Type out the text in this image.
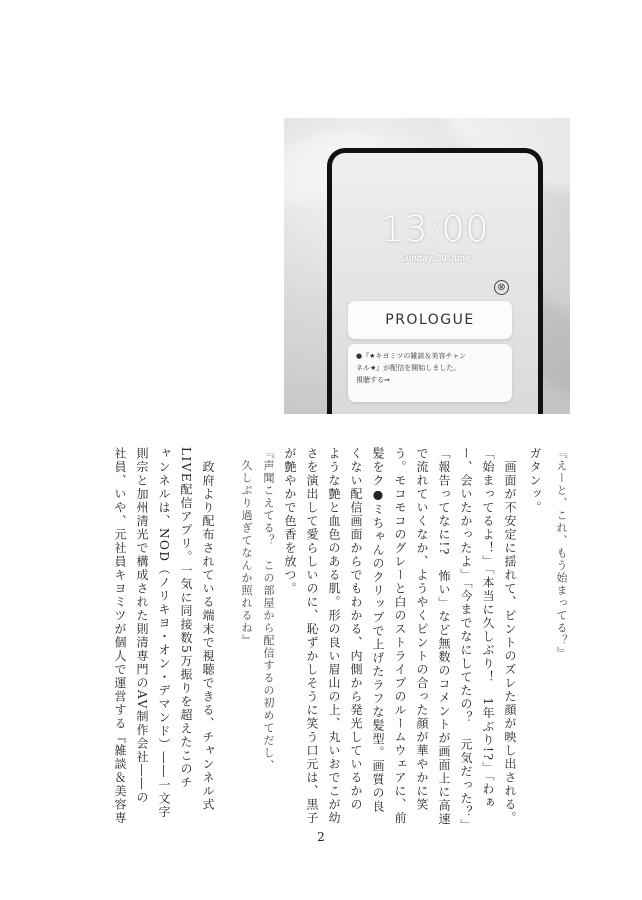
13:00
Sunday, 30 June
⊗
PROLOGUE
●『★キヨミツの雑談＆美容チャン
ネル★』が配信を開始しました。
視聴する⇒
『えーと、これ、もう始まってる？』
ガタンッ。
　画面が不安定に揺れて、ピントのズレた顔が映し出される。
「始まってるよ！」「本当に久しぶり！　1年ぶり!?」「わぁ
ー、会いたかったよ」「今までなにしてたの？　元気だった？」
「報告ってなに!?　怖い」など無数のコメントが画面上に高速
で流れていくなか、ようやくピントの合った顔が華やかに笑
う。モコモコのグレーと白のストライプのルームウェアに、前
髪をク●ミちゃんのクリップで上げたラフな髪型。画質の良
くない配信画面からでもわかる、内側から発光しているかの
ような艶と血色のある肌。形の良い眉山の上、丸いおでこが幼
さを演出して愛らしいのに、恥ずかしそうに笑う口元は、黒子
が艶やかで色香を放つ。
『声聞こえてる？　この部屋から配信するの初めてだし、
　久しぶり過ぎてなんか照れるね』
　政府より配布されている端末で視聴できる、チャンネル式
LIVE配信アプリ。一気に同接数5万振りを超えたこのチ
ャンネルは、NOD（ノリキヨ・オン・デマンド）――一文字
則宗と加州清光で構成された則清専門のAV制作会社――の
社員、いや、元社員キヨミツが個人で運営する『雑談＆美容専
2
